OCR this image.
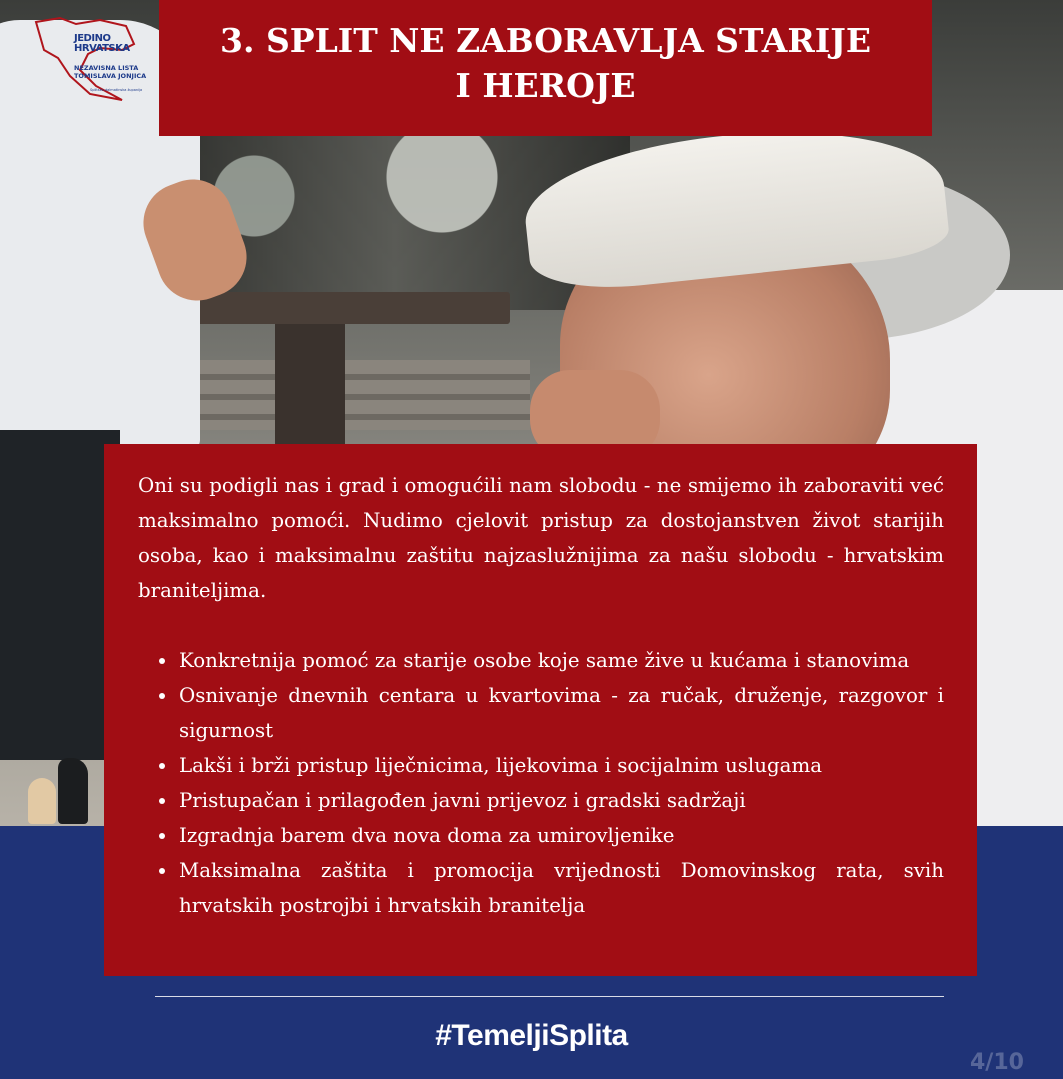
JEDINO
HRVATSKA
NEZAVISNA LISTA
TOMISLAVA JONJICA
Splitsko-dalmatinska županija
3. SPLIT NE ZABORAVLJA STARIJE
I HEROJE

Oni su podigli nas i grad i omogućili nam slobodu - ne smijemo ih zaboraviti već maksimalno pomoći. Nudimo cjelovit pristup za dostojanstven život starijih osoba, kao i maksimalnu zaštitu najzaslužnijima za našu slobodu - hrvatskim braniteljima.

Konkretnija pomoć za starije osobe koje same žive u kućama i stanovima
Osnivanje dnevnih centara u kvartovima - za ručak, druženje, razgovor i sigurnost
Lakši i brži pristup liječnicima, lijekovima i socijalnim uslugama
Pristupačan i prilagođen javni prijevoz i gradski sadržaji
Izgradnja barem dva nova doma za umirovljenike
Maksimalna zaštita i promocija vrijednosti Domovinskog rata, svih hrvatskih postrojbi i hrvatskih branitelja
#TemeljiSplita
4/10
